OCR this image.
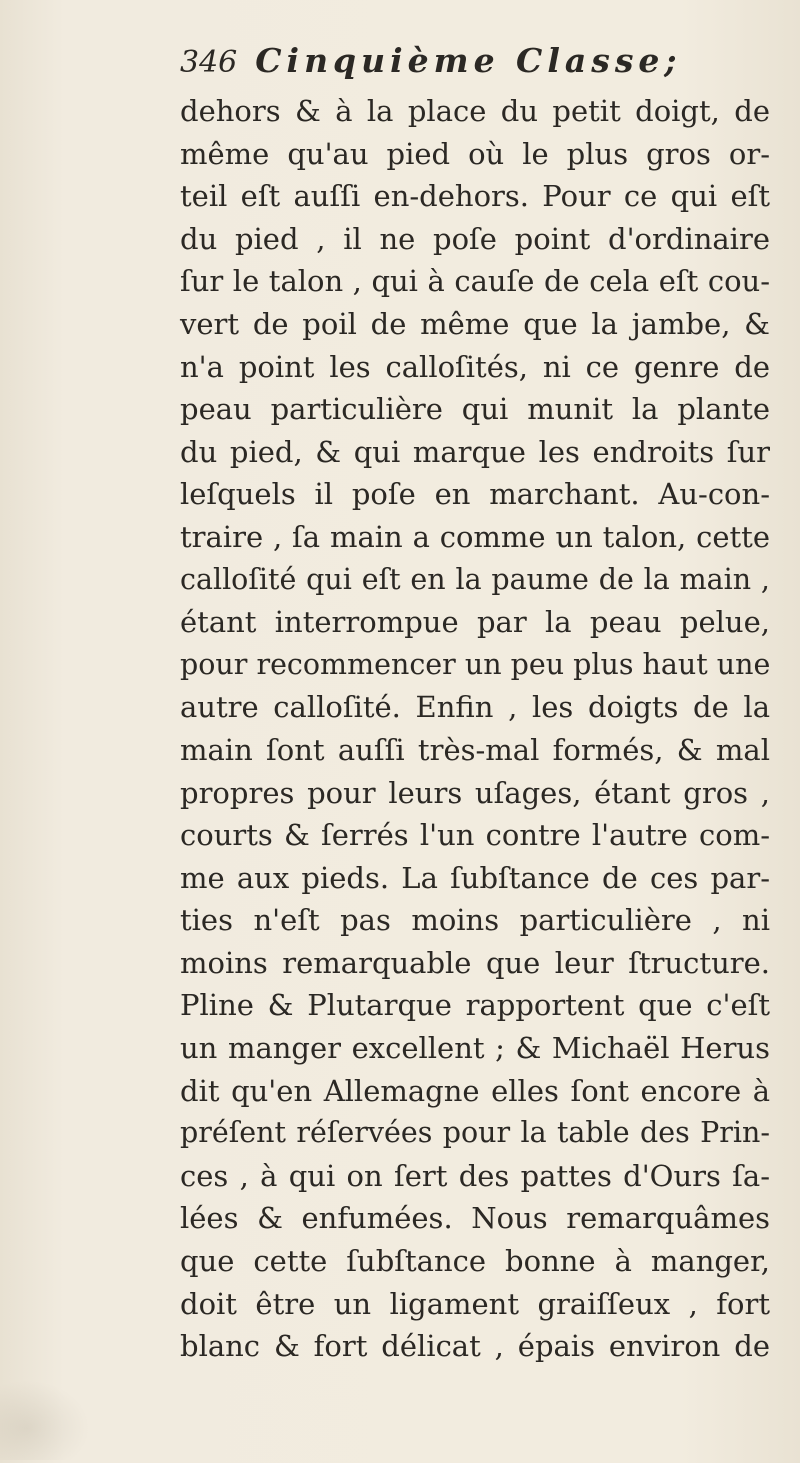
346 Cinquième Classe;
dehors & à la place du petit doigt, de
même qu'au pied où le plus gros or-
teil eſt auſſi en-dehors. Pour ce qui eſt
du pied , il ne poſe point d'ordinaire
ſur le talon , qui à cauſe de cela eſt cou-
vert de poil de même que la jambe, &
n'a point les calloſités, ni ce genre de
peau particulière qui munit la plante
du pied, & qui marque les endroits ſur
leſquels il poſe en marchant. Au-con-
traire , ſa main a comme un talon, cette
calloſité qui eſt en la paume de la main ,
étant interrompue par la peau pelue,
pour recommencer un peu plus haut une
autre calloſité. Enfin , les doigts de la
main ſont auſſi très-mal formés, & mal
propres pour leurs uſages, étant gros ,
courts & ſerrés l'un contre l'autre com-
me aux pieds. La ſubſtance de ces par-
ties n'eſt pas moins particulière , ni
moins remarquable que leur ſtructure.
Pline & Plutarque rapportent que c'eſt
un manger excellent ; & Michaël Herus
dit qu'en Allemagne elles ſont encore à
préſent réſervées pour la table des Prin-
ces , à qui on ſert des pattes d'Ours ſa-
lées & enfumées. Nous remarquâmes
que cette ſubſtance bonne à manger,
doit être un ligament graiſſeux , fort
blanc & fort délicat , épais environ de
